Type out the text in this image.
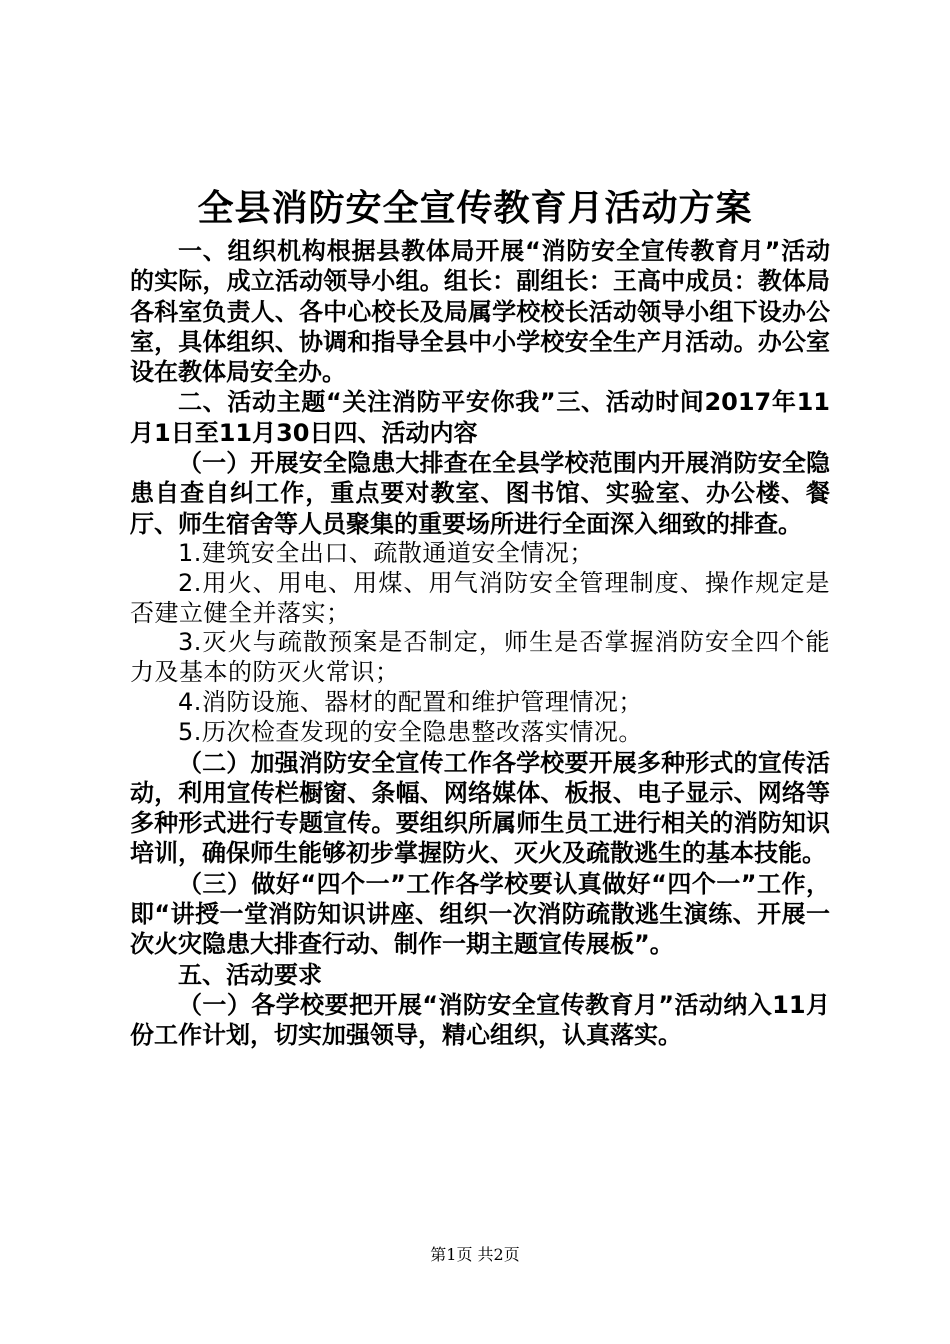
全县消防安全宣传教育月活动方案

一、组织机构根据县教体局开展“消防安全宣传教育月”活动的实际，成立活动领导小组。组长：副组长：王高中成员：教体局各科室负责人、各中心校长及局属学校校长活动领导小组下设办公室，具体组织、协调和指导全县中小学校安全生产月活动。办公室设在教体局安全办。

二、活动主题“关注消防平安你我”三、活动时间2017年11月1日至11月30日四、活动内容

（一）开展安全隐患大排查在全县学校范围内开展消防安全隐患自查自纠工作，重点要对教室、图书馆、实验室、办公楼、餐厅、师生宿舍等人员聚集的重要场所进行全面深入细致的排查。

1.建筑安全出口、疏散通道安全情况；

2.用火、用电、用煤、用气消防安全管理制度、操作规定是否建立健全并落实；

3.灭火与疏散预案是否制定，师生是否掌握消防安全四个能力及基本的防灭火常识；

4.消防设施、器材的配置和维护管理情况；

5.历次检查发现的安全隐患整改落实情况。

（二）加强消防安全宣传工作各学校要开展多种形式的宣传活动，利用宣传栏橱窗、条幅、网络媒体、板报、电子显示、网络等多种形式进行专题宣传。要组织所属师生员工进行相关的消防知识培训，确保师生能够初步掌握防火、灭火及疏散逃生的基本技能。

（三）做好“四个一”工作各学校要认真做好“四个一”工作，即“讲授一堂消防知识讲座、组织一次消防疏散逃生演练、开展一次火灾隐患大排查行动、制作一期主题宣传展板”。

五、活动要求

（一）各学校要把开展“消防安全宣传教育月”活动纳入11月份工作计划，切实加强领导，精心组织，认真落实。

第1页 共2页
